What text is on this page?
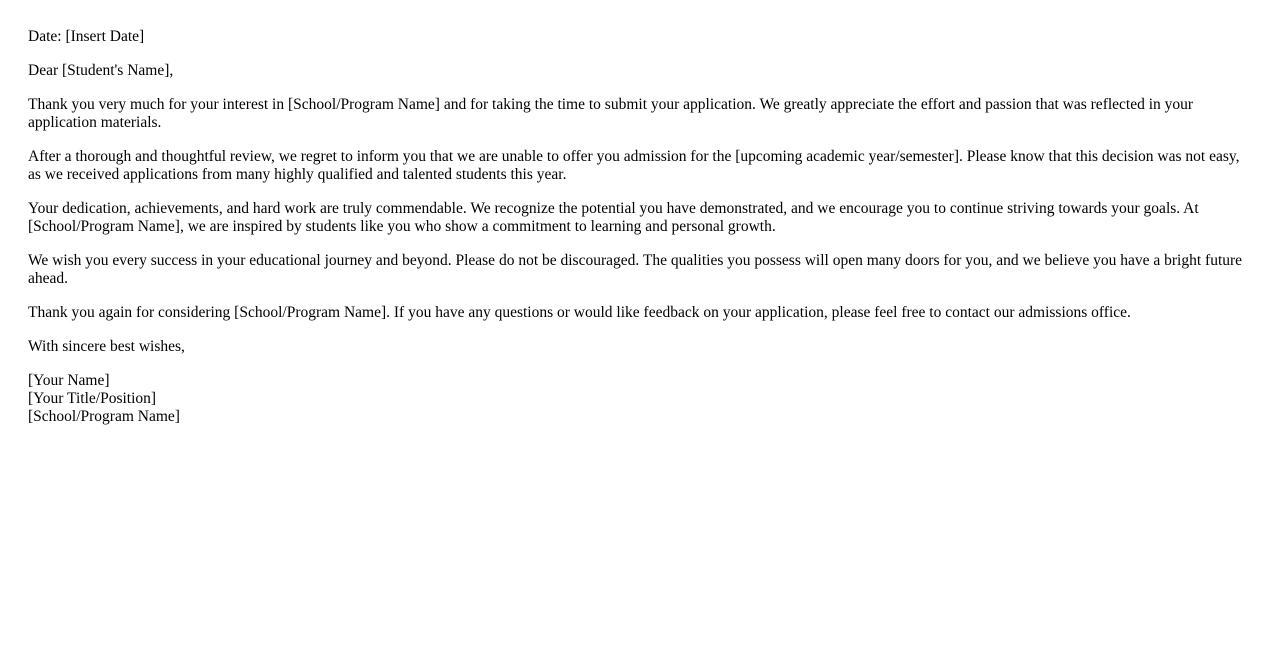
Date: [Insert Date]

Dear [Student's Name],

Thank you very much for your interest in [School/Program Name] and for taking the time to submit your application. We greatly appreciate the effort and passion that was reflected in your application materials.

After a thorough and thoughtful review, we regret to inform you that we are unable to offer you admission for the [upcoming academic year/semester]. Please know that this decision was not easy, as we received applications from many highly qualified and talented students this year.

Your dedication, achievements, and hard work are truly commendable. We recognize the potential you have demonstrated, and we encourage you to continue striving towards your goals. At [School/Program Name], we are inspired by students like you who show a commitment to learning and personal growth.

We wish you every success in your educational journey and beyond. Please do not be discouraged. The qualities you possess will open many doors for you, and we believe you have a bright future ahead.

Thank you again for considering [School/Program Name]. If you have any questions or would like feedback on your application, please feel free to contact our admissions office.

With sincere best wishes,

[Your Name]
[Your Title/Position]
[School/Program Name]
